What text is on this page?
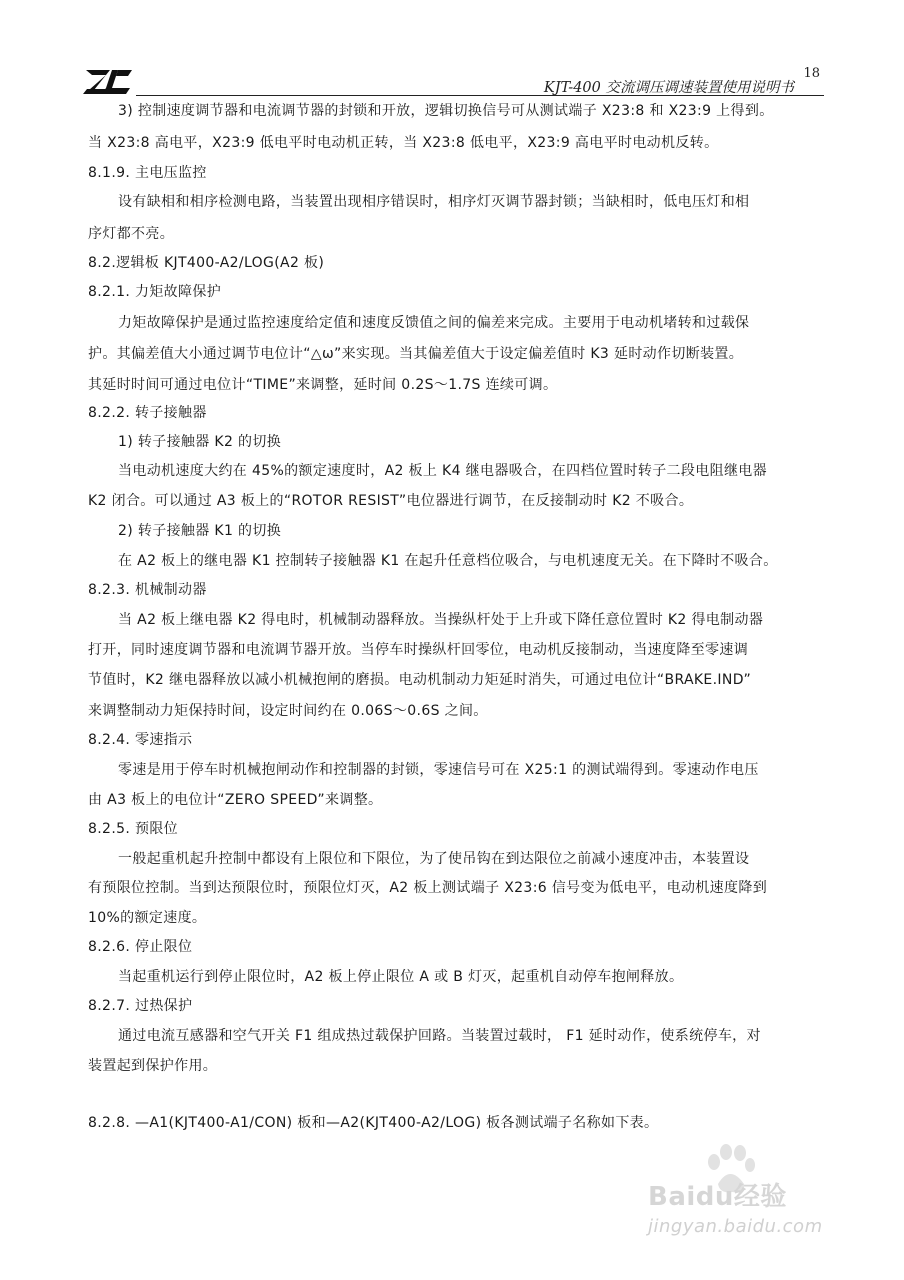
KJT-400 交流调压调速装置使用说明书
18
3) 控制速度调节器和电流调节器的封锁和开放，逻辑切换信号可从测试端子 X23:8 和 X23:9 上得到。
当 X23:8 高电平，X23:9 低电平时电动机正转，当 X23:8 低电平，X23:9 高电平时电动机反转。
8.1.9. 主电压监控
设有缺相和相序检测电路，当装置出现相序错误时，相序灯灭调节器封锁；当缺相时，低电压灯和相
序灯都不亮。
8.2.逻辑板 KJT400-A2/LOG(A2 板)
8.2.1. 力矩故障保护
力矩故障保护是通过监控速度给定值和速度反馈值之间的偏差来完成。主要用于电动机堵转和过载保
护。其偏差值大小通过调节电位计“△ω”来实现。当其偏差值大于设定偏差值时 K3 延时动作切断装置。
其延时时间可通过电位计“TIME”来调整，延时间 0.2S～1.7S 连续可调。
8.2.2. 转子接触器
1) 转子接触器 K2 的切换
当电动机速度大约在 45%的额定速度时，A2 板上 K4 继电器吸合，在四档位置时转子二段电阻继电器
K2 闭合。可以通过 A3 板上的“ROTOR RESIST”电位器进行调节，在反接制动时 K2 不吸合。
2) 转子接触器 K1 的切换
在 A2 板上的继电器 K1 控制转子接触器 K1 在起升任意档位吸合，与电机速度无关。在下降时不吸合。
8.2.3. 机械制动器
当 A2 板上继电器 K2 得电时，机械制动器释放。当操纵杆处于上升或下降任意位置时 K2 得电制动器
打开，同时速度调节器和电流调节器开放。当停车时操纵杆回零位，电动机反接制动，当速度降至零速调
节值时，K2 继电器释放以减小机械抱闸的磨损。电动机制动力矩延时消失，可通过电位计“BRAKE.IND”
来调整制动力矩保持时间，设定时间约在 0.06S～0.6S 之间。
8.2.4. 零速指示
零速是用于停车时机械抱闸动作和控制器的封锁，零速信号可在 X25:1 的测试端得到。零速动作电压
由 A3 板上的电位计“ZERO SPEED”来调整。
8.2.5. 预限位
一般起重机起升控制中都设有上限位和下限位，为了使吊钩在到达限位之前减小速度冲击，本装置设
有预限位控制。当到达预限位时，预限位灯灭，A2 板上测试端子 X23:6 信号变为低电平，电动机速度降到
10%的额定速度。
8.2.6. 停止限位
当起重机运行到停止限位时，A2 板上停止限位 A 或 B 灯灭，起重机自动停车抱闸释放。
8.2.7. 过热保护
通过电流互感器和空气开关 F1 组成热过载保护回路。当装置过载时， F1 延时动作，使系统停车，对
装置起到保护作用。
8.2.8. —A1(KJT400-A1/CON) 板和—A2(KJT400-A2/LOG) 板各测试端子名称如下表。
Baidu经验
jingyan.baidu.com
